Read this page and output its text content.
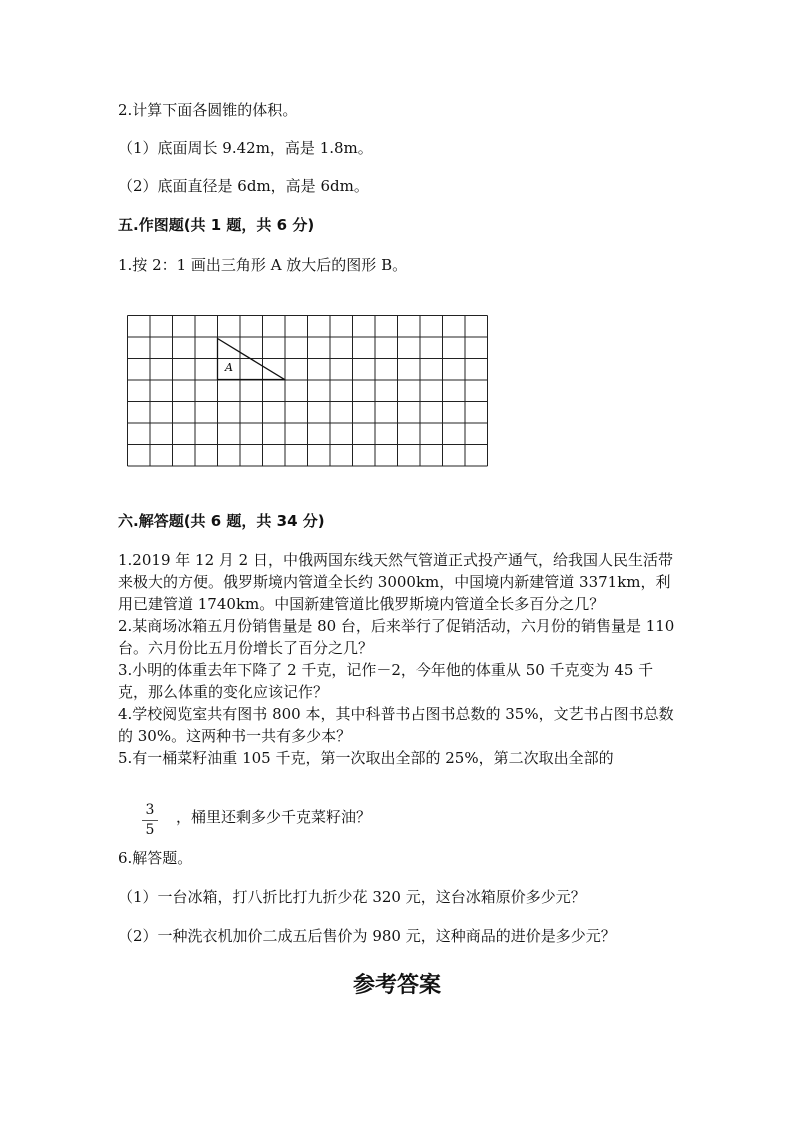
2.计算下面各圆锥的体积。
（1）底面周长 9.42m，高是 1.8m。
（2）底面直径是 6dm，高是 6dm。
五.作图题(共 1 题，共 6 分)
1.按 2：1 画出三角形 A 放大后的图形 B。
A
六.解答题(共 6 题，共 34 分)

1.2019 年 12 月 2 日，中俄两国东线天然气管道正式投产通气，给我国人民生活带来极大的方便。俄罗斯境内管道全长约 3000km，中国境内新建管道 3371km，利用已建管道 1740km。中国新建管道比俄罗斯境内管道全长多百分之几？

2.某商场冰箱五月份销售量是 80 台，后来举行了促销活动，六月份的销售量是 110 台。六月份比五月份增长了百分之几？

3.小明的体重去年下降了 2 千克，记作－2，今年他的体重从 50 千克变为 45 千克，那么体重的变化应该记作？

4.学校阅览室共有图书 800 本，其中科普书占图书总数的 35%，文艺书占图书总数的 30%。这两种书一共有多少本？

5.有一桶菜籽油重 105 千克，第一次取出全部的 25%，第二次取出全部的

3
5
，桶里还剩多少千克菜籽油？
6.解答题。
（1）一台冰箱，打八折比打九折少花 320 元，这台冰箱原价多少元？
（2）一种洗衣机加价二成五后售价为 980 元，这种商品的进价是多少元？
参考答案
